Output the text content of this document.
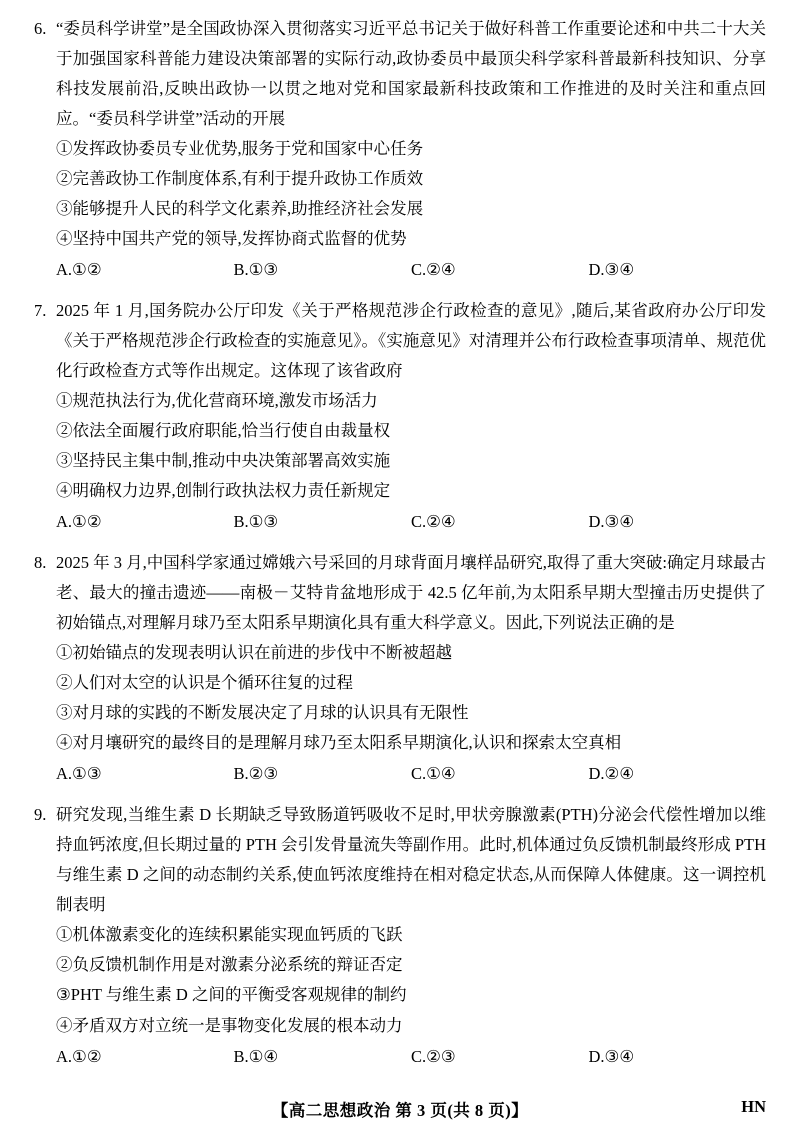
6. “委员科学讲堂”是全国政协深入贯彻落实习近平总书记关于做好科普工作重要论述和中共二十大关于加强国家科普能力建设决策部署的实际行动,政协委员中最顶尖科学家科普最新科技知识、分享科技发展前沿,反映出政协一以贯之地对党和国家最新科技政策和工作推进的及时关注和重点回应。“委员科学讲堂”活动的开展
①发挥政协委员专业优势,服务于党和国家中心任务
②完善政协工作制度体系,有利于提升政协工作质效
③能够提升人民的科学文化素养,助推经济社会发展
④坚持中国共产党的领导,发挥协商式监督的优势
A.①②	B.①③	C.②④	D.③④
7. 2025 年 1 月,国务院办公厅印发《关于严格规范涉企行政检查的意见》,随后,某省政府办公厅印发《关于严格规范涉企行政检查的实施意见》。《实施意见》对清理并公布行政检查事项清单、规范优化行政检查方式等作出规定。这体现了该省政府
①规范执法行为,优化营商环境,激发市场活力
②依法全面履行政府职能,恰当行使自由裁量权
③坚持民主集中制,推动中央决策部署高效实施
④明确权力边界,创制行政执法权力责任新规定
A.①②	B.①③	C.②④	D.③④
8. 2025 年 3 月,中国科学家通过嫦娥六号采回的月球背面月壤样品研究,取得了重大突破:确定月球最古老、最大的撞击遗迹——南极－艾特肯盆地形成于 42.5 亿年前,为太阳系早期大型撞击历史提供了初始锚点,对理解月球乃至太阳系早期演化具有重大科学意义。因此,下列说法正确的是
①初始锚点的发现表明认识在前进的步伐中不断被超越
②人们对太空的认识是个循环往复的过程
③对月球的实践的不断发展决定了月球的认识具有无限性
④对月壤研究的最终目的是理解月球乃至太阳系早期演化,认识和探索太空真相
A.①③	B.②③	C.①④	D.②④
9. 研究发现,当维生素 D 长期缺乏导致肠道钙吸收不足时,甲状旁腺激素(PTH)分泌会代偿性增加以维持血钙浓度,但长期过量的 PTH 会引发骨量流失等副作用。此时,机体通过负反馈机制最终形成 PTH 与维生素 D 之间的动态制约关系,使血钙浓度维持在相对稳定状态,从而保障人体健康。这一调控机制表明
①机体激素变化的连续积累能实现血钙质的飞跃
②负反馈机制作用是对激素分泌系统的辩证否定
③PHT 与维生素 D 之间的平衡受客观规律的制约
④矛盾双方对立统一是事物变化发展的根本动力
A.①②	B.①④	C.②③	D.③④
【高二思想政治 第 3 页(共 8 页)】	HN
